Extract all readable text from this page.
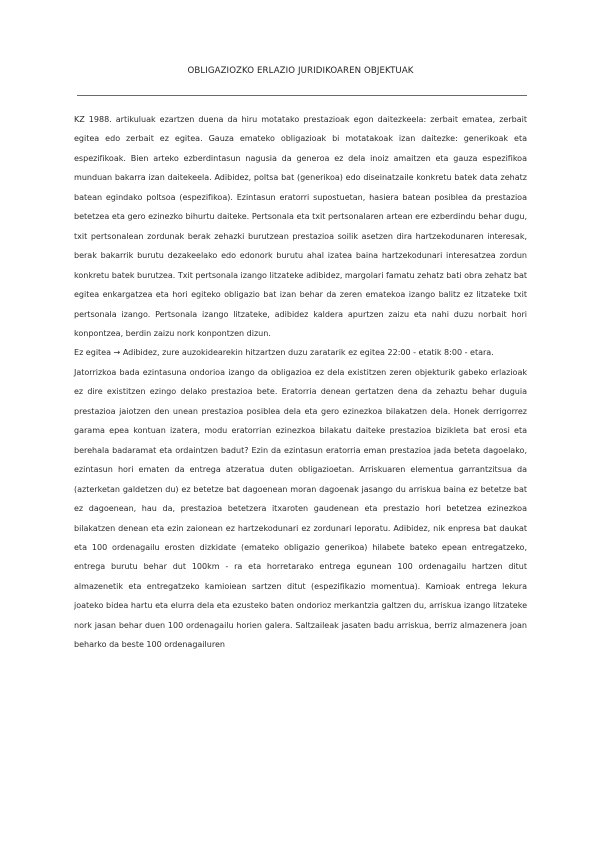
OBLIGAZIOZKO ERLAZIO JURIDIKOAREN OBJEKTUAK

KZ 1988. artikuluak ezartzen duena da hiru motatako prestazioak egon daitezkeela: zerbait ematea, zerbait egitea edo zerbait ez egitea. Gauza emateko obligazioak bi motatakoak izan daitezke: generikoak eta espezifikoak. Bien arteko ezberdintasun nagusia da generoa ez dela inoiz amaitzen eta gauza espezifikoa munduan bakarra izan daitekeela. Adibidez, poltsa bat (generikoa) edo diseinatzaile konkretu batek data zehatz batean egindako poltsoa (espezifikoa). Ezintasun eratorri supostuetan, hasiera batean posiblea da prestazioa betetzea eta gero ezinezko bihurtu daiteke. Pertsonala eta txit pertsonalaren artean ere ezberdindu behar dugu, txit pertsonalean zordunak berak zehazki burutzean prestazioa soilik asetzen dira hartzekodunaren interesak, berak bakarrik burutu dezakeelako edo edonork burutu ahal izatea baina hartzekodunari interesatzea zordun konkretu batek burutzea. Txit pertsonala izango litzateke adibidez, margolari famatu zehatz bati obra zehatz bat egitea enkargatzea eta hori egiteko obligazio bat izan behar da zeren ematekoa izango balitz ez litzateke txit pertsonala izango. Pertsonala izango litzateke, adibidez kaldera apurtzen zaizu eta nahi duzu norbait hori konpontzea, berdin zaizu nork konpontzen dizun.

Ez egitea → Adibidez, zure auzokidearekin hitzartzen duzu zaratarik ez egitea 22:00 - etatik 8:00 - etara.

Jatorrizkoa bada ezintasuna ondorioa izango da obligazioa ez dela existitzen zeren objekturik gabeko erlazioak ez dire existitzen ezingo delako prestazioa bete. Eratorria denean gertatzen dena da zehaztu behar duguia prestazioa jaiotzen den unean prestazioa posiblea dela eta gero ezinezkoa bilakatzen dela. Honek derrigorrez garama epea kontuan izatera, modu eratorrian ezinezkoa bilakatu daiteke prestazioa bizikleta bat erosi eta berehala badaramat eta ordaintzen badut? Ezin da ezintasun eratorria eman prestazioa jada beteta dagoelako, ezintasun hori ematen da entrega atzeratua duten obligazioetan. Arriskuaren elementua garrantzitsua da (azterketan galdetzen du) ez betetze bat dagoenean moran dagoenak jasango du arriskua baina ez betetze bat ez dagoenean, hau da, prestazioa betetzera itxaroten gaudenean eta prestazio hori betetzea ezinezkoa bilakatzen denean eta ezin zaionean ez hartzekodunari ez zordunari leporatu. Adibidez, nik enpresa bat daukat eta 100 ordenagailu erosten dizkidate (emateko obligazio generikoa) hilabete bateko epean entregatzeko, entrega burutu behar dut 100km - ra eta horretarako entrega egunean 100 ordenagailu hartzen ditut almazenetik eta entregatzeko kamioiean sartzen ditut (espezifikazio momentua). Kamioak entrega lekura joateko bidea hartu eta elurra dela eta ezusteko baten ondorioz merkantzia galtzen du, arriskua izango litzateke nork jasan behar duen 100 ordenagailu horien galera. Saltzaileak jasaten badu arriskua, berriz almazenera joan beharko da beste 100 ordenagailuren
